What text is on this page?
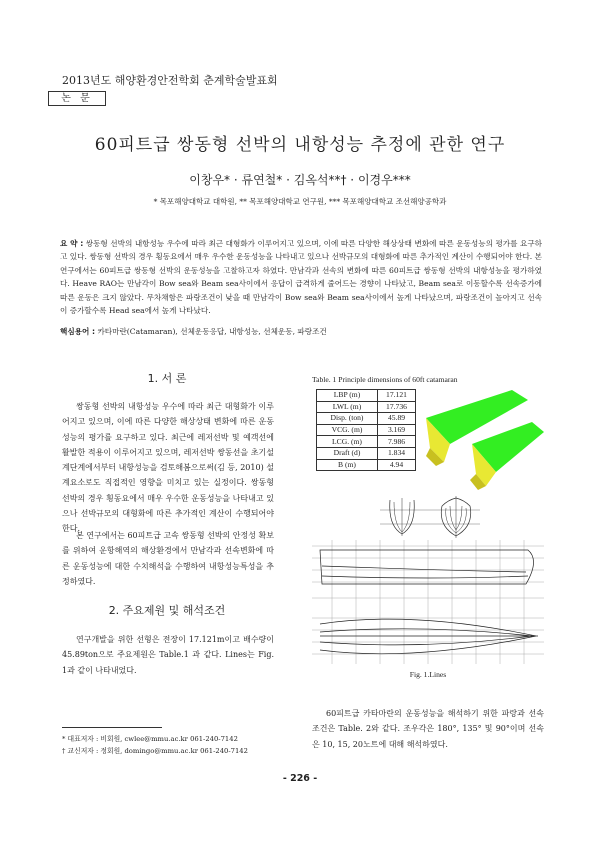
2013년도 해양환경안전학회 춘계학술발표회
논 문
60피트급 쌍동형 선박의 내항성능 추정에 관한 연구
이창우* · 류연철* · 김옥석**† · 이경우***
* 목포해양대학교 대학원, ** 목포해양대학교 연구원, *** 목포해양대학교 조선해양공학과
요 약 : 쌍동형 선박의 내항성능 우수에 따라 최근 대형화가 이루어지고 있으며, 이에 따른 다양한 해상상태 변화에 따른 운동성능의 평가를 요구하고 있다. 쌍동형 선박의 경우 횡동요에서 매우 우수한 운동성능을 나타내고 있으나 선박규모의 대형화에 따른 추가적인 계산이 수행되어야 한다. 본 연구에서는 60피트급 쌍동형 선박의 운동성능을 고찰하고자 하였다. 만남각과 선속의 변화에 따른 60피트급 쌍동형 선박의 내항성능을 평가하였다. Heave RAO는 만남각이 Bow sea와 Beam sea사이에서 응답이 급격하게 줄어드는 경향이 나타났고, Beam sea로 이동할수록 선속증가에 따른 운동은 크지 않았다. 무차채함은 파랑조건이 낮을 때 만남각이 Bow sea와 Beam sea사이에서 높게 나타났으며, 파랑조건이 높아지고 선속이 증가할수록 Head sea에서 높게 나타났다.
핵심용어 : 카타마란(Catamaran), 선체운동응답, 내항성능, 선체운동, 파랑조건
1. 서 론
쌍동형 선박의 내항성능 우수에 따라 최근 대형화가 이루어지고 있으며, 이에 따른 다양한 해상상태 변화에 따른 운동성능의 평가를 요구하고 있다. 최근에 레저선박 및 예객선에 활발한 적용이 이루어지고 있으며, 레저선박 쌍동선을 초기설계단계에서부터 내항성능을 검토해봄으로써(김 등, 2010) 설계요소로도 직접적인 영향을 미치고 있는 실정이다. 쌍동형 선박의 경우 횡동요에서 매우 우수한 운동성능을 나타내고 있으나 선박규모의 대형화에 따른 추가적인 계산이 수행되어야 한다.
본 연구에서는 60피트급 고속 쌍동형 선박의 안정성 확보를 위하여 운항해역의 해상환경에서 만남각과 선속변화에 따른 운동성능에 대한 수치해석을 수행하여 내항성능특성을 추정하였다.
2. 주요제원 및 해석조건
연구개발을 위한 선형은 전장이 17.121m이고 배수량이 45.89ton으로 주요제원은 Table.1 과 같다. Lines는 Fig. 1과 같이 나타내었다.
* 대표저자 : 비회원, cwlee@mmu.ac.kr 061-240-7142
† 교신저자 : 정회원, domingo@mmu.ac.kr 061-240-7142
Table. 1 Principle dimensions of 60ft catamaran
LBP (m)	17.121
LWL (m)	17.736
Disp. (ton)	45.89
VCG. (m)	3.169
LCG. (m)	7.986
Draft (d)	1.834
B (m)	4.94
Fig. 1.Lines
60피트급 카타마란의 운동성능을 해석하기 위한 파랑과 선속조건은 Table. 2와 같다. 조우각은 180°, 135° 및 90°이며 선속은 10, 15, 20노트에 대해 해석하였다.
- 226 -
